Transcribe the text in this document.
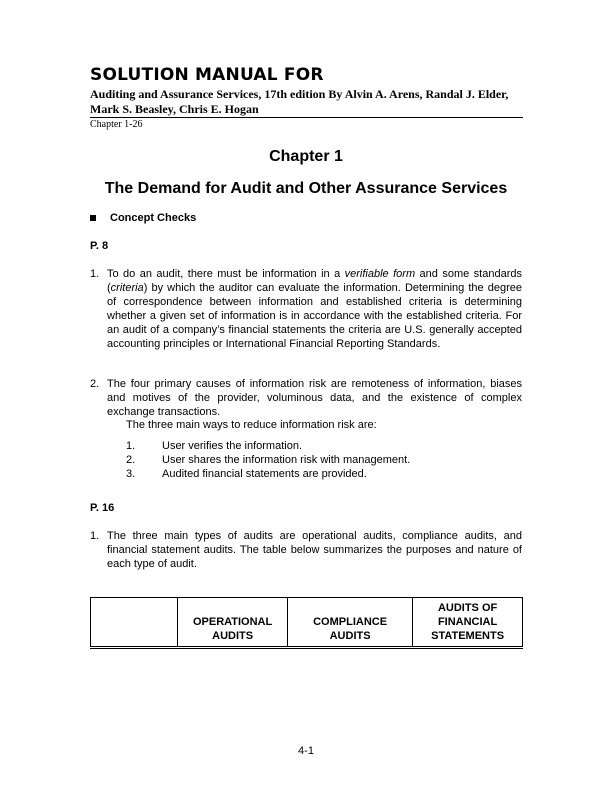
SOLUTION MANUAL FOR
Auditing and Assurance Services, 17th edition By Alvin A. Arens, Randal J. Elder,
Mark S. Beasley, Chris E. Hogan
Chapter 1-26
Chapter 1
The Demand for Audit and Other Assurance Services
Concept Checks
P. 8
1. To do an audit, there must be information in a verifiable form and some standards (criteria) by which the auditor can evaluate the information. Determining the degree of correspondence between information and established criteria is determining whether a given set of information is in accordance with the established criteria. For an audit of a company’s financial statements the criteria are U.S. generally accepted accounting principles or International Financial Reporting Standards.
2. The four primary causes of information risk are remoteness of information, biases and motives of the provider, voluminous data, and the existence of complex exchange transactions.
The three main ways to reduce information risk are:
1.	User verifies the information.
2.	User shares the information risk with management.
3.	Audited financial statements are provided.
P. 16
1. The three main types of audits are operational audits, compliance audits, and financial statement audits. The table below summarizes the purposes and nature of each type of audit.
	OPERATIONAL AUDITS	COMPLIANCE AUDITS	AUDITS OF FINANCIAL STATEMENTS
4-1
